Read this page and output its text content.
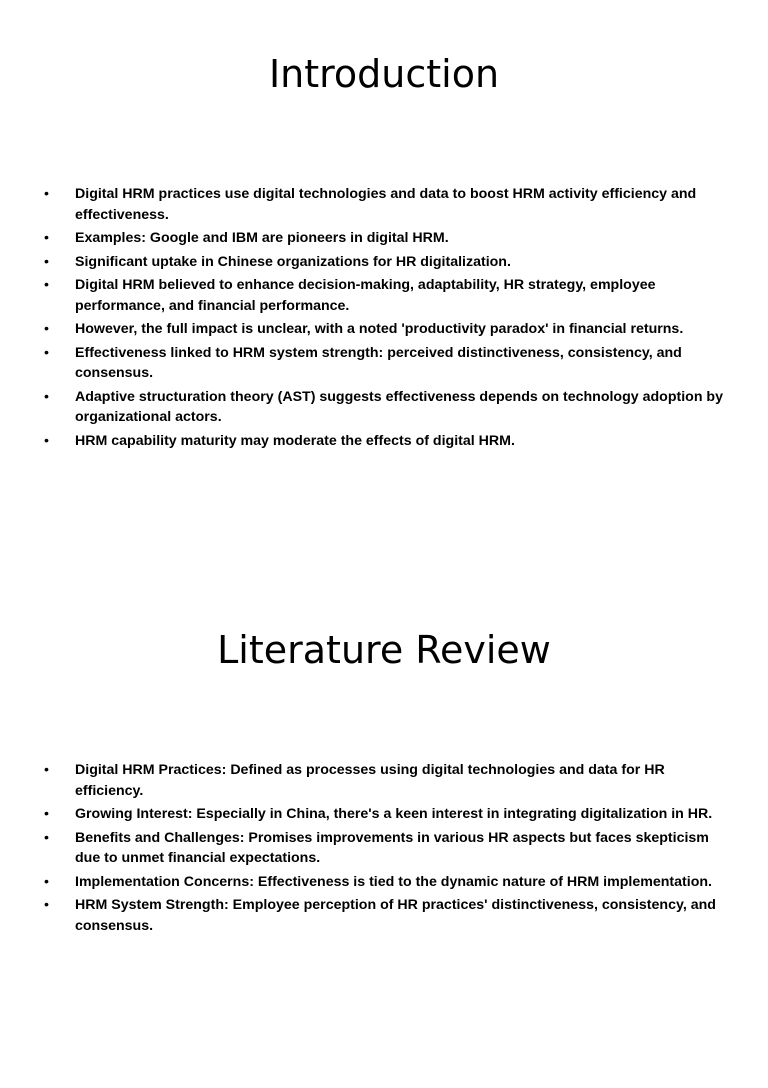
Introduction
•	Digital HRM practices use digital technologies and data to boost HRM activity efficiency and effectiveness.
•	Examples: Google and IBM are pioneers in digital HRM.
•	Significant uptake in Chinese organizations for HR digitalization.
•	Digital HRM believed to enhance decision-making, adaptability, HR strategy, employee performance, and financial performance.
•	However, the full impact is unclear, with a noted 'productivity paradox' in financial returns.
•	Effectiveness linked to HRM system strength: perceived distinctiveness, consistency, and consensus.
•	Adaptive structuration theory (AST) suggests effectiveness depends on technology adoption by organizational actors.
•	HRM capability maturity may moderate the effects of digital HRM.
Literature Review
•	Digital HRM Practices: Defined as processes using digital technologies and data for HR efficiency.
•	Growing Interest: Especially in China, there's a keen interest in integrating digitalization in HR.
•	Benefits and Challenges: Promises improvements in various HR aspects but faces skepticism due to unmet financial expectations.
•	Implementation Concerns: Effectiveness is tied to the dynamic nature of HRM implementation.
•	HRM System Strength: Employee perception of HR practices' distinctiveness, consistency, and consensus.
